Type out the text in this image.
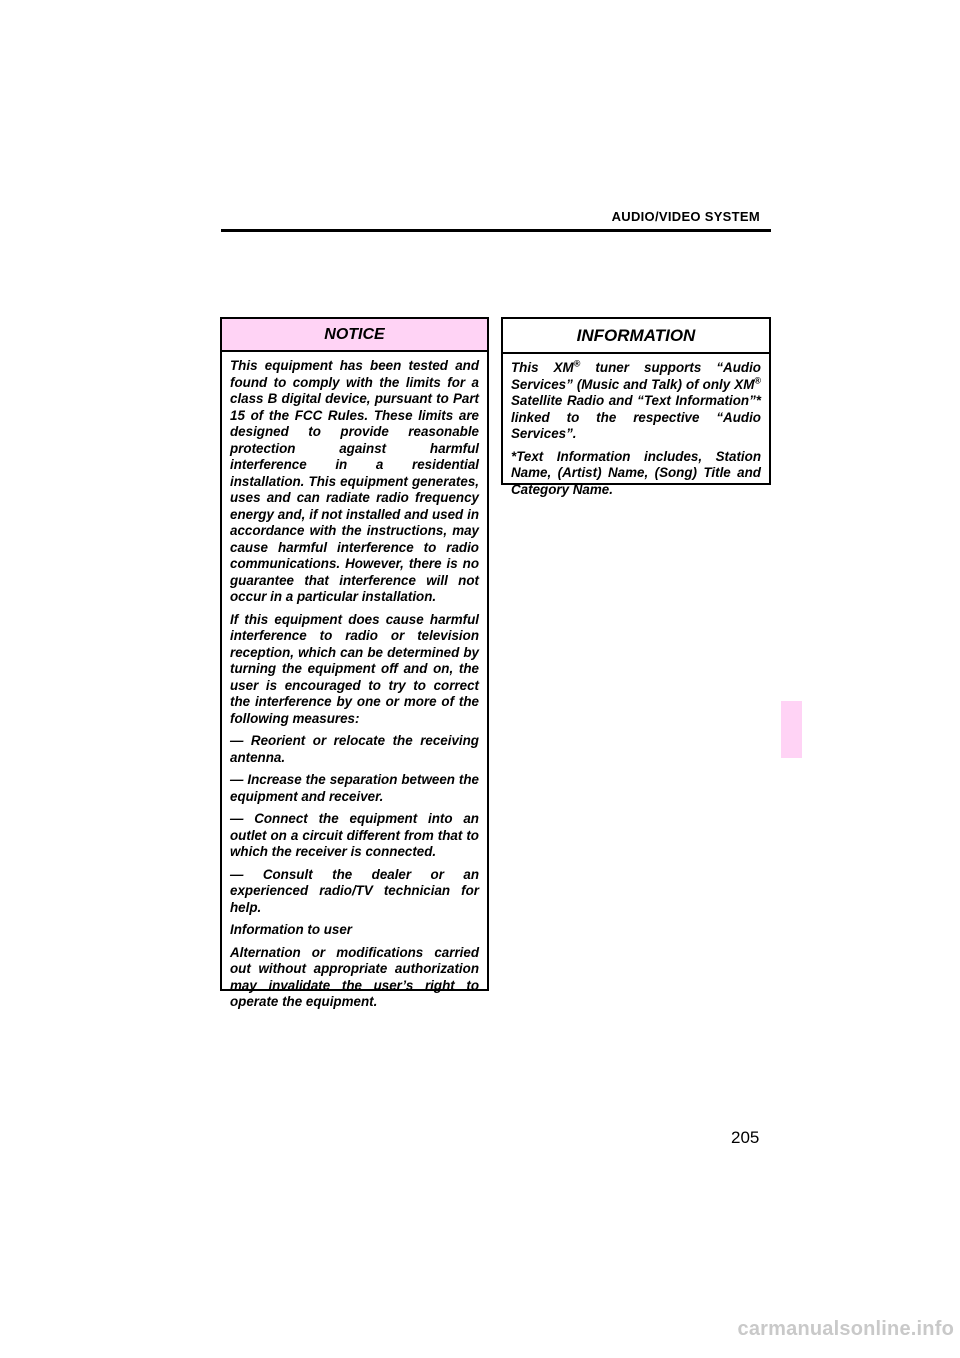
AUDIO/VIDEO SYSTEM
NOTICE

This equipment has been tested and found to comply with the limits for a class B digital device, pursuant to Part 15 of the FCC Rules. These limits are designed to provide reasonable protection against harmful interference in a residential installation. This equipment generates, uses and can radiate radio frequency energy and, if not installed and used in accordance with the instructions, may cause harmful interference to radio communications. However, there is no guarantee that interference will not occur in a particular installation.

If this equipment does cause harmful interference to radio or television reception, which can be determined by turning the equipment off and on, the user is encouraged to try to correct the interference by one or more of the following measures:

— Reorient or relocate the receiving antenna.

— Increase the separation between the equipment and receiver.

— Connect the equipment into an outlet on a circuit different from that to which the receiver is connected.

— Consult the dealer or an experienced radio/TV technician for help.

Information to user

Alternation or modifications carried out without appropriate authorization may invalidate the user’s right to operate the equipment.

INFORMATION

This XM® tuner supports “Audio Services” (Music and Talk) of only XM® Satellite Radio and “Text Information”* linked to the respective “Audio Services”.

*Text Information includes, Station Name, (Artist) Name, (Song) Title and Category Name.

205
carmanualsonline.info
